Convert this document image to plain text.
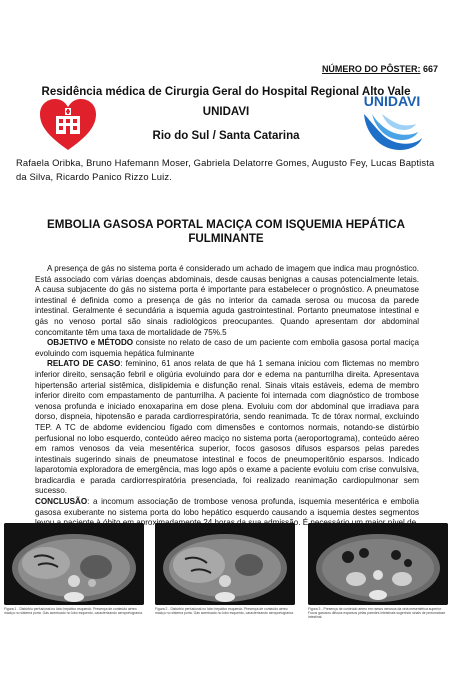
NÚMERO DO PÔSTER: 667
Residência médica de Cirurgia Geral do Hospital Regional Alto Vale
UNIDAVI
Rio do Sul / Santa Catarina
UNIDAVI
Rafaela Oribka, Bruno Hafemann Moser, Gabriela Delatorre Gomes, Augusto Fey, Lucas Baptista da Silva, Ricardo Panico Rizzo Luiz.
EMBOLIA GASOSA PORTAL MACIÇA COM ISQUEMIA HEPÁTICA FULMINANTE

A presença de gás no sistema porta é considerado um achado de imagem que indica mau prognóstico. Está associado com várias doenças abdominais, desde causas benignas a causas potencialmente letais. A causa subjacente do gás no sistema porta é importante para estabelecer o prognóstico. A pneumatose intestinal é definida como a presença de gás no interior da camada serosa ou mucosa da parede intestinal. Geralmente é secundária a isquemia aguda gastrointestinal. Portanto pneumatose intestinal e gás no venoso portal são sinais radiológicos preocupantes. Quando apresentam dor abdominal concomitante têm uma taxa de mortalidade de 75%.5

OBJETIVO e MÉTODO consiste no relato de caso de um paciente com embolia gasosa portal maciça evoluindo com isquemia hepática fulminante

RELATO DE CASO: feminino, 61 anos relata de que há 1 semana iniciou com flictemas no membro inferior direito, sensação febril e oligúria evoluindo para dor e edema na panturrilha direita. Apresentava hipertensão arterial sistêmica, dislipidemia e disfunção renal. Sinais vitais estáveis, edema de membro inferior direito com empastamento de panturrilha. A paciente foi internada com diagnóstico de trombose venosa profunda e iniciado enoxaparina em dose plena. Evoluiu com dor abdominal que irradiava para dorso, dispneia, hipotensão e parada cardiorrespiratória, sendo reanimada. Tc de tórax normal, excluindo TEP. A TC de abdome evidenciou fígado com dimensões e contornos normais, notando-se distúrbio perfusional no lobo esquerdo, conteúdo aéreo maciço no sistema porta (aeroportograma), conteúdo aéreo em ramos venosos da veia mesentérica superior, focos gasosos difusos esparsos pelas paredes intestinais sugerindo sinais de pneumatose intestinal e focos de pneumoperitônio esparsos. Indicado laparotomia exploradora de emergência, mas logo após o exame a paciente evoluiu com crise convulsiva, bradicardia e parada cardiorrespiratória presenciada, foi realizado reanimação cardiopulmonar sem sucesso.

CONCLUSÃO: a incomum associação de trombose venosa profunda, isquemia mesentérica e embolia gasosa exuberante no sistema porta do lobo hepático esquerdo causando a isquemia destes segmentos É

Figura 1 - Distúrbio perfusional no lobo hepático esquerdo. Presença de conteúdo aéreo maciço no sistema porta. Gás acentuado no lobo esquerdo, caracterizando aeroportograma.
Figura 2 - Distúrbio perfusional no lobo hepático esquerdo. Presença de conteúdo aéreo maciço no sistema porta. Gás acentuado no lobo esquerdo, caracterizando aeroportograma.
Figura 3 - Presença de conteúdo aéreo em ramos venosos da veia mesentérica superior. Focos gasosos difusos esparsos pelas paredes intestinais sugerindo sinais de pneumatose intestinal.
